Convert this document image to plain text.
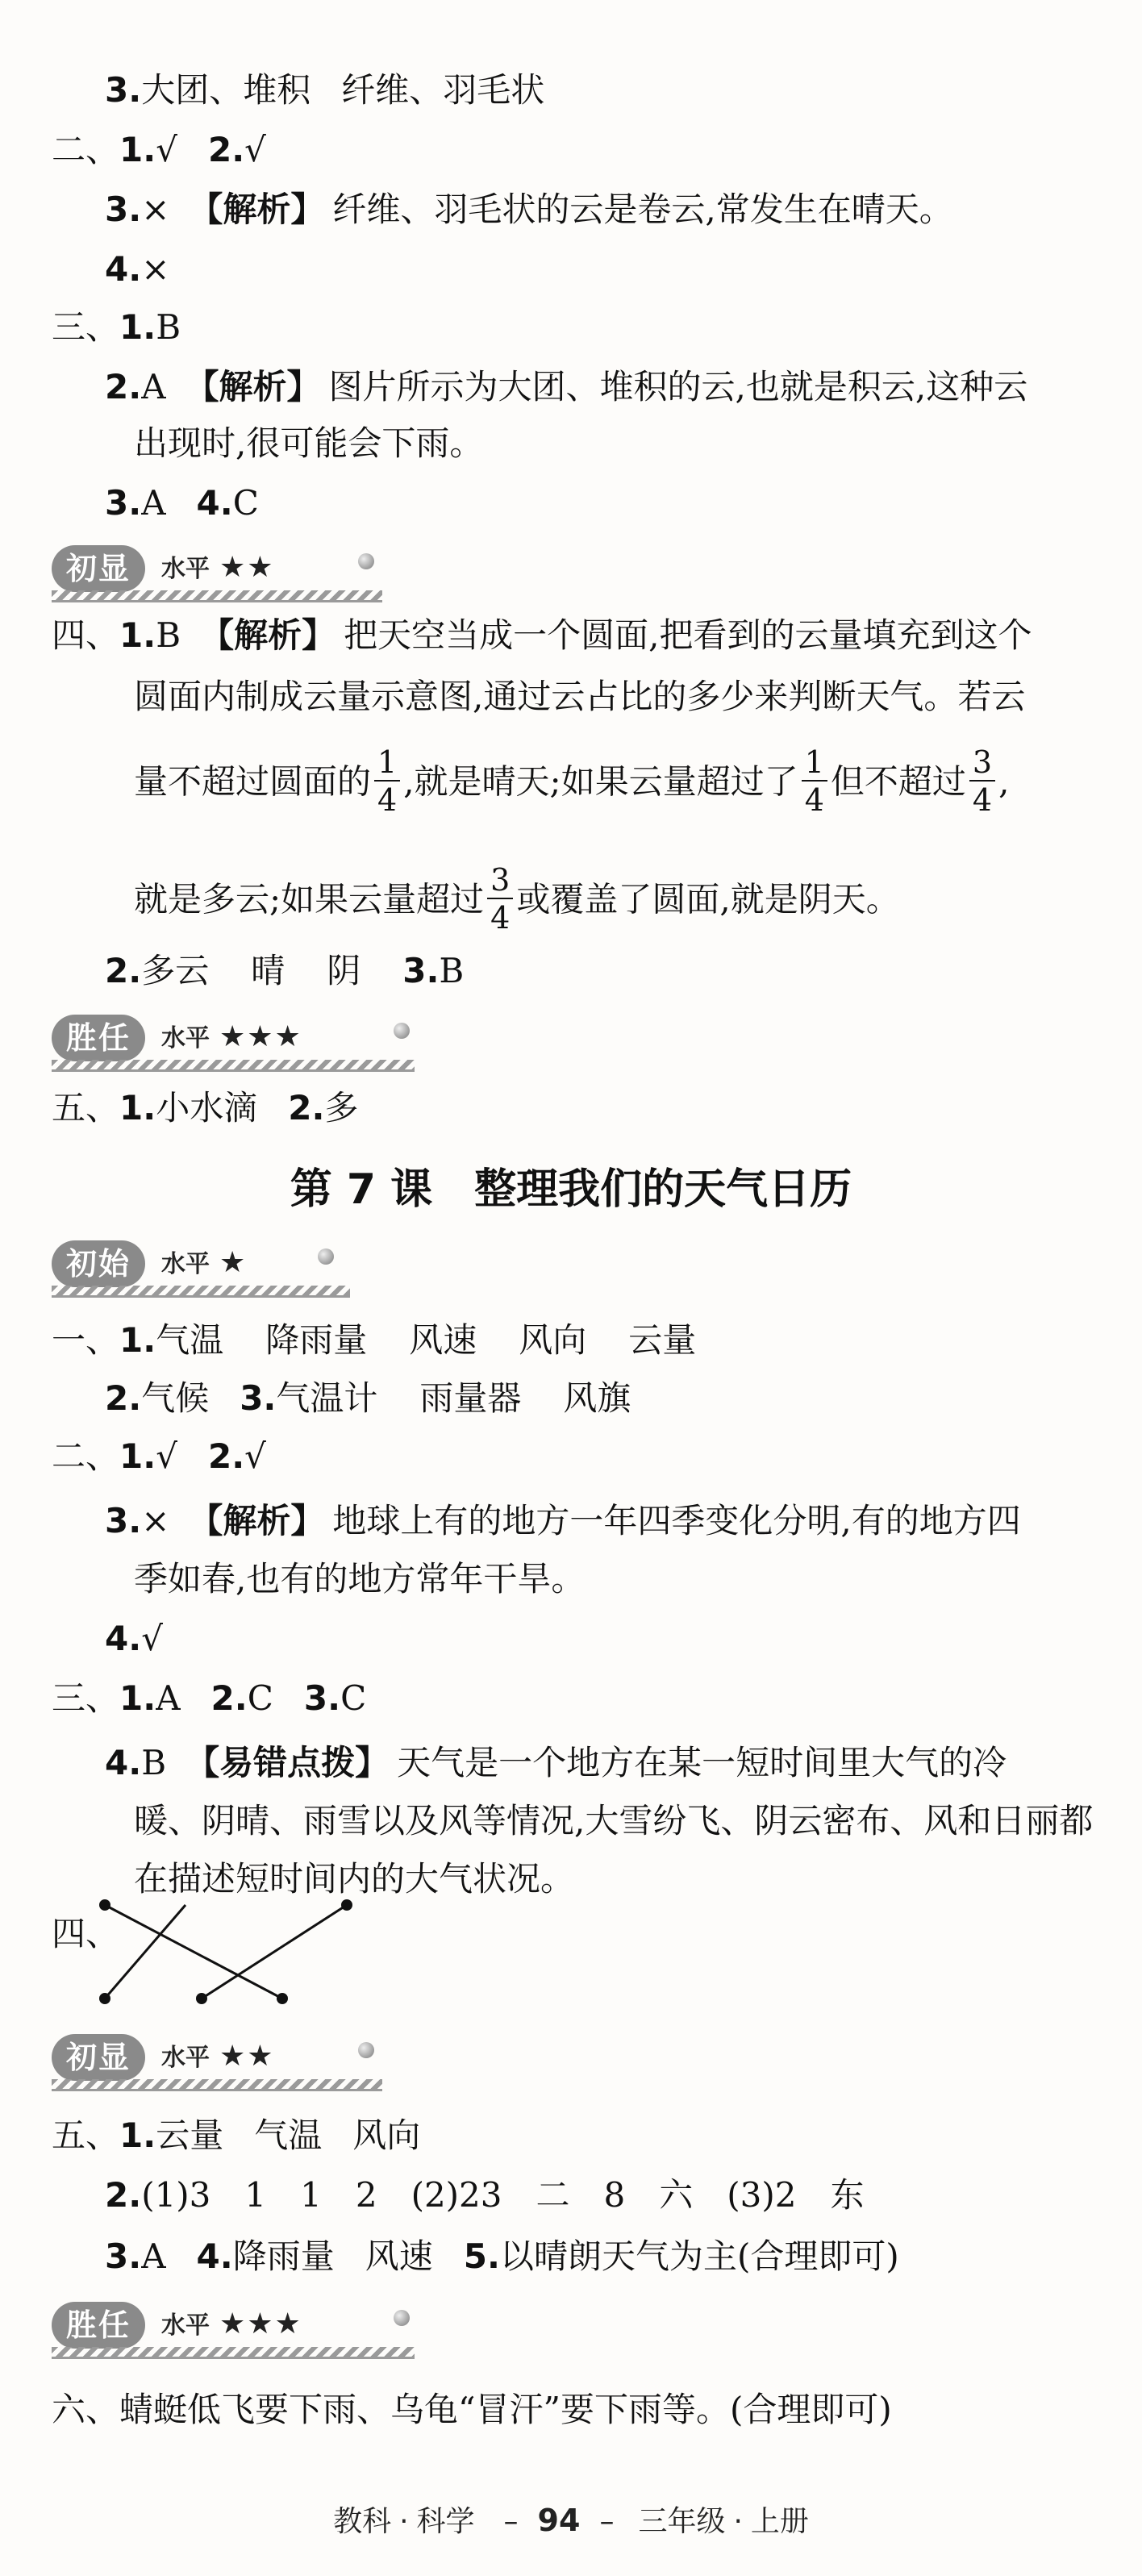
3.大团、堆积 纤维、羽毛状
二、1.√ 2.√
3.× 【解析】 纤维、羽毛状的云是卷云,常发生在晴天。
4.×
三、1.B
2.A 【解析】 图片所示为大团、堆积的云,也就是积云,这种云
出现时,很可能会下雨。
3.A 4.C
初显	水平 ★★
四、1.B 【解析】 把天空当成一个圆面,把看到的云量填充到这个
圆面内制成云量示意图,通过云占比的多少来判断天气。若云
量不超过圆面的 $\frac{1}{4}$ ,就是晴天;如果云量超过了 $\frac{1}{4}$ 但不超过 $\frac{3}{4}$ ,
就是多云;如果云量超过 $\frac{3}{4}$ 或覆盖了圆面,就是阴天。
2.多云 晴 阴 3.B
胜任	水平 ★★★
五、1.小水滴 2.多
第 7 课　整理我们的天气日历
初始	水平 ★
一、1.气温 降雨量 风速 风向 云量
2.气候 3.气温计 雨量器 风旗
二、1.√ 2.√
3.× 【解析】 地球上有的地方一年四季变化分明,有的地方四
季如春,也有的地方常年干旱。
4.√
三、1.A 2.C 3.C
4.B 【易错点拨】 天气是一个地方在某一短时间里大气的冷
暖、阴晴、雨雪以及风等情况,大雪纷飞、阴云密布、风和日丽都
在描述短时间内的大气状况。
四、
初显	水平 ★★
五、1.云量 气温 风向
2.(1)3　1　1　2　(2)23　二　8　六　(3)2　东
3.A 4.降雨量 风速 5.以晴朗天气为主(合理即可)
胜任	水平 ★★★
六、蜻蜓低飞要下雨、乌龟“冒汗”要下雨等。(合理即可)
教科 · 科学 – 94 – 三年级 · 上册
